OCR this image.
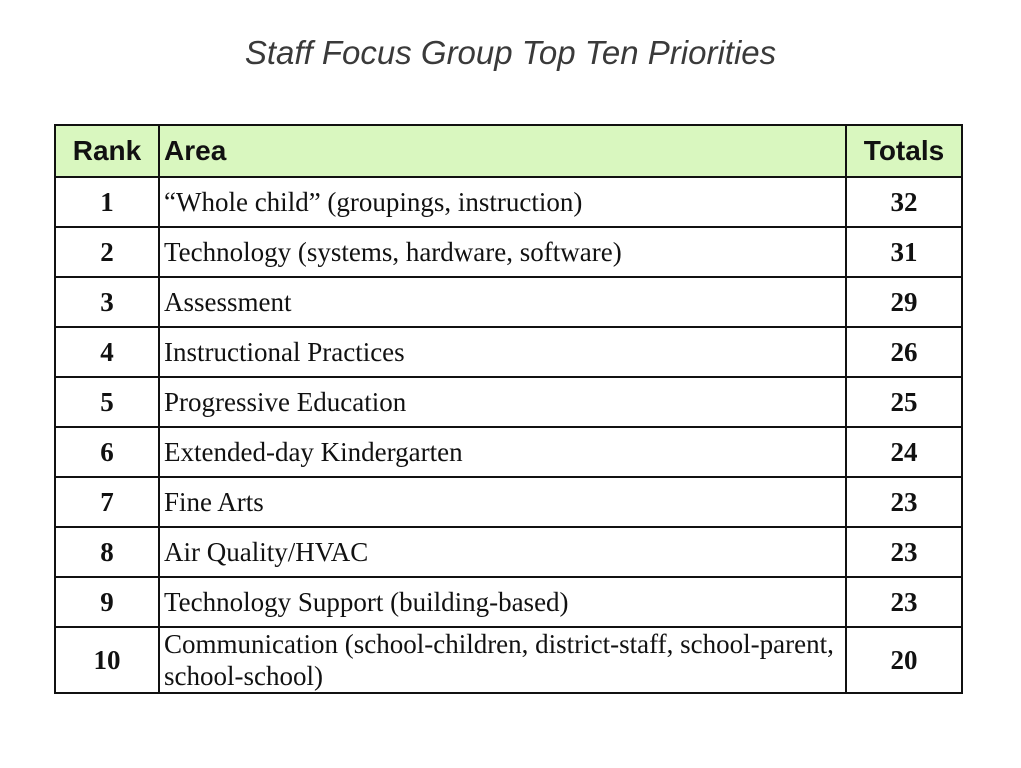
Staff Focus Group Top Ten Priorities
Rank	Area	Totals
1	“Whole child” (groupings, instruction)	32
2	Technology (systems, hardware, software)	31
3	Assessment	29
4	Instructional Practices	26
5	Progressive Education	25
6	Extended-day Kindergarten	24
7	Fine Arts	23
8	Air Quality/HVAC	23
9	Technology Support (building-based)	23
10	Communication (school-children, district-staff, school-parent, school-school)	20
